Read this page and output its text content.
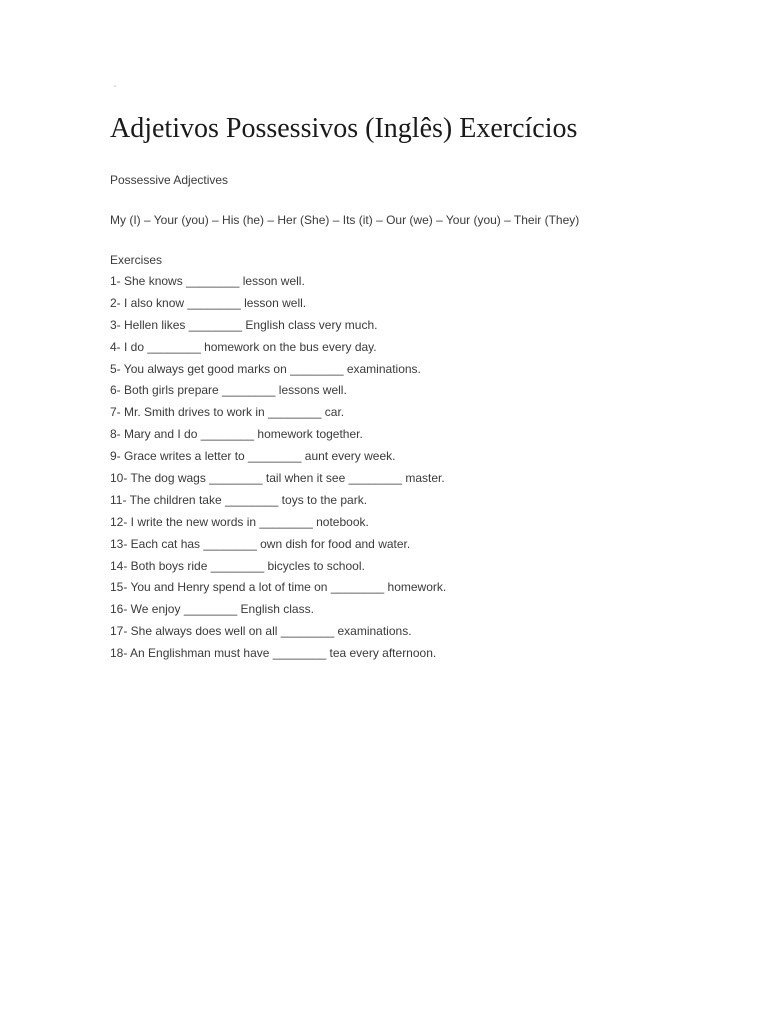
"
Adjetivos Possessivos (Inglês) Exercícios
Possessive Adjectives
My (I) – Your (you) – His (he) – Her (She) – Its (it) – Our (we) – Your (you) – Their (They)
Exercises
1- She knows ________ lesson well.
2- I also know ________ lesson well.
3- Hellen likes ________ English class very much.
4- I do ________ homework on the bus every day.
5- You always get good marks on ________ examinations.
6- Both girls prepare ________ lessons well.
7- Mr. Smith drives to work in ________ car.
8- Mary and I do ________ homework together.
9- Grace writes a letter to ________ aunt every week.
10- The dog wags ________ tail when it see ________ master.
11- The children take ________ toys to the park.
12- I write the new words in ________ notebook.
13- Each cat has ________ own dish for food and water.
14- Both boys ride ________ bicycles to school.
15- You and Henry spend a lot of time on ________ homework.
16- We enjoy ________ English class.
17- She always does well on all ________ examinations.
18- An Englishman must have ________ tea every afternoon.
